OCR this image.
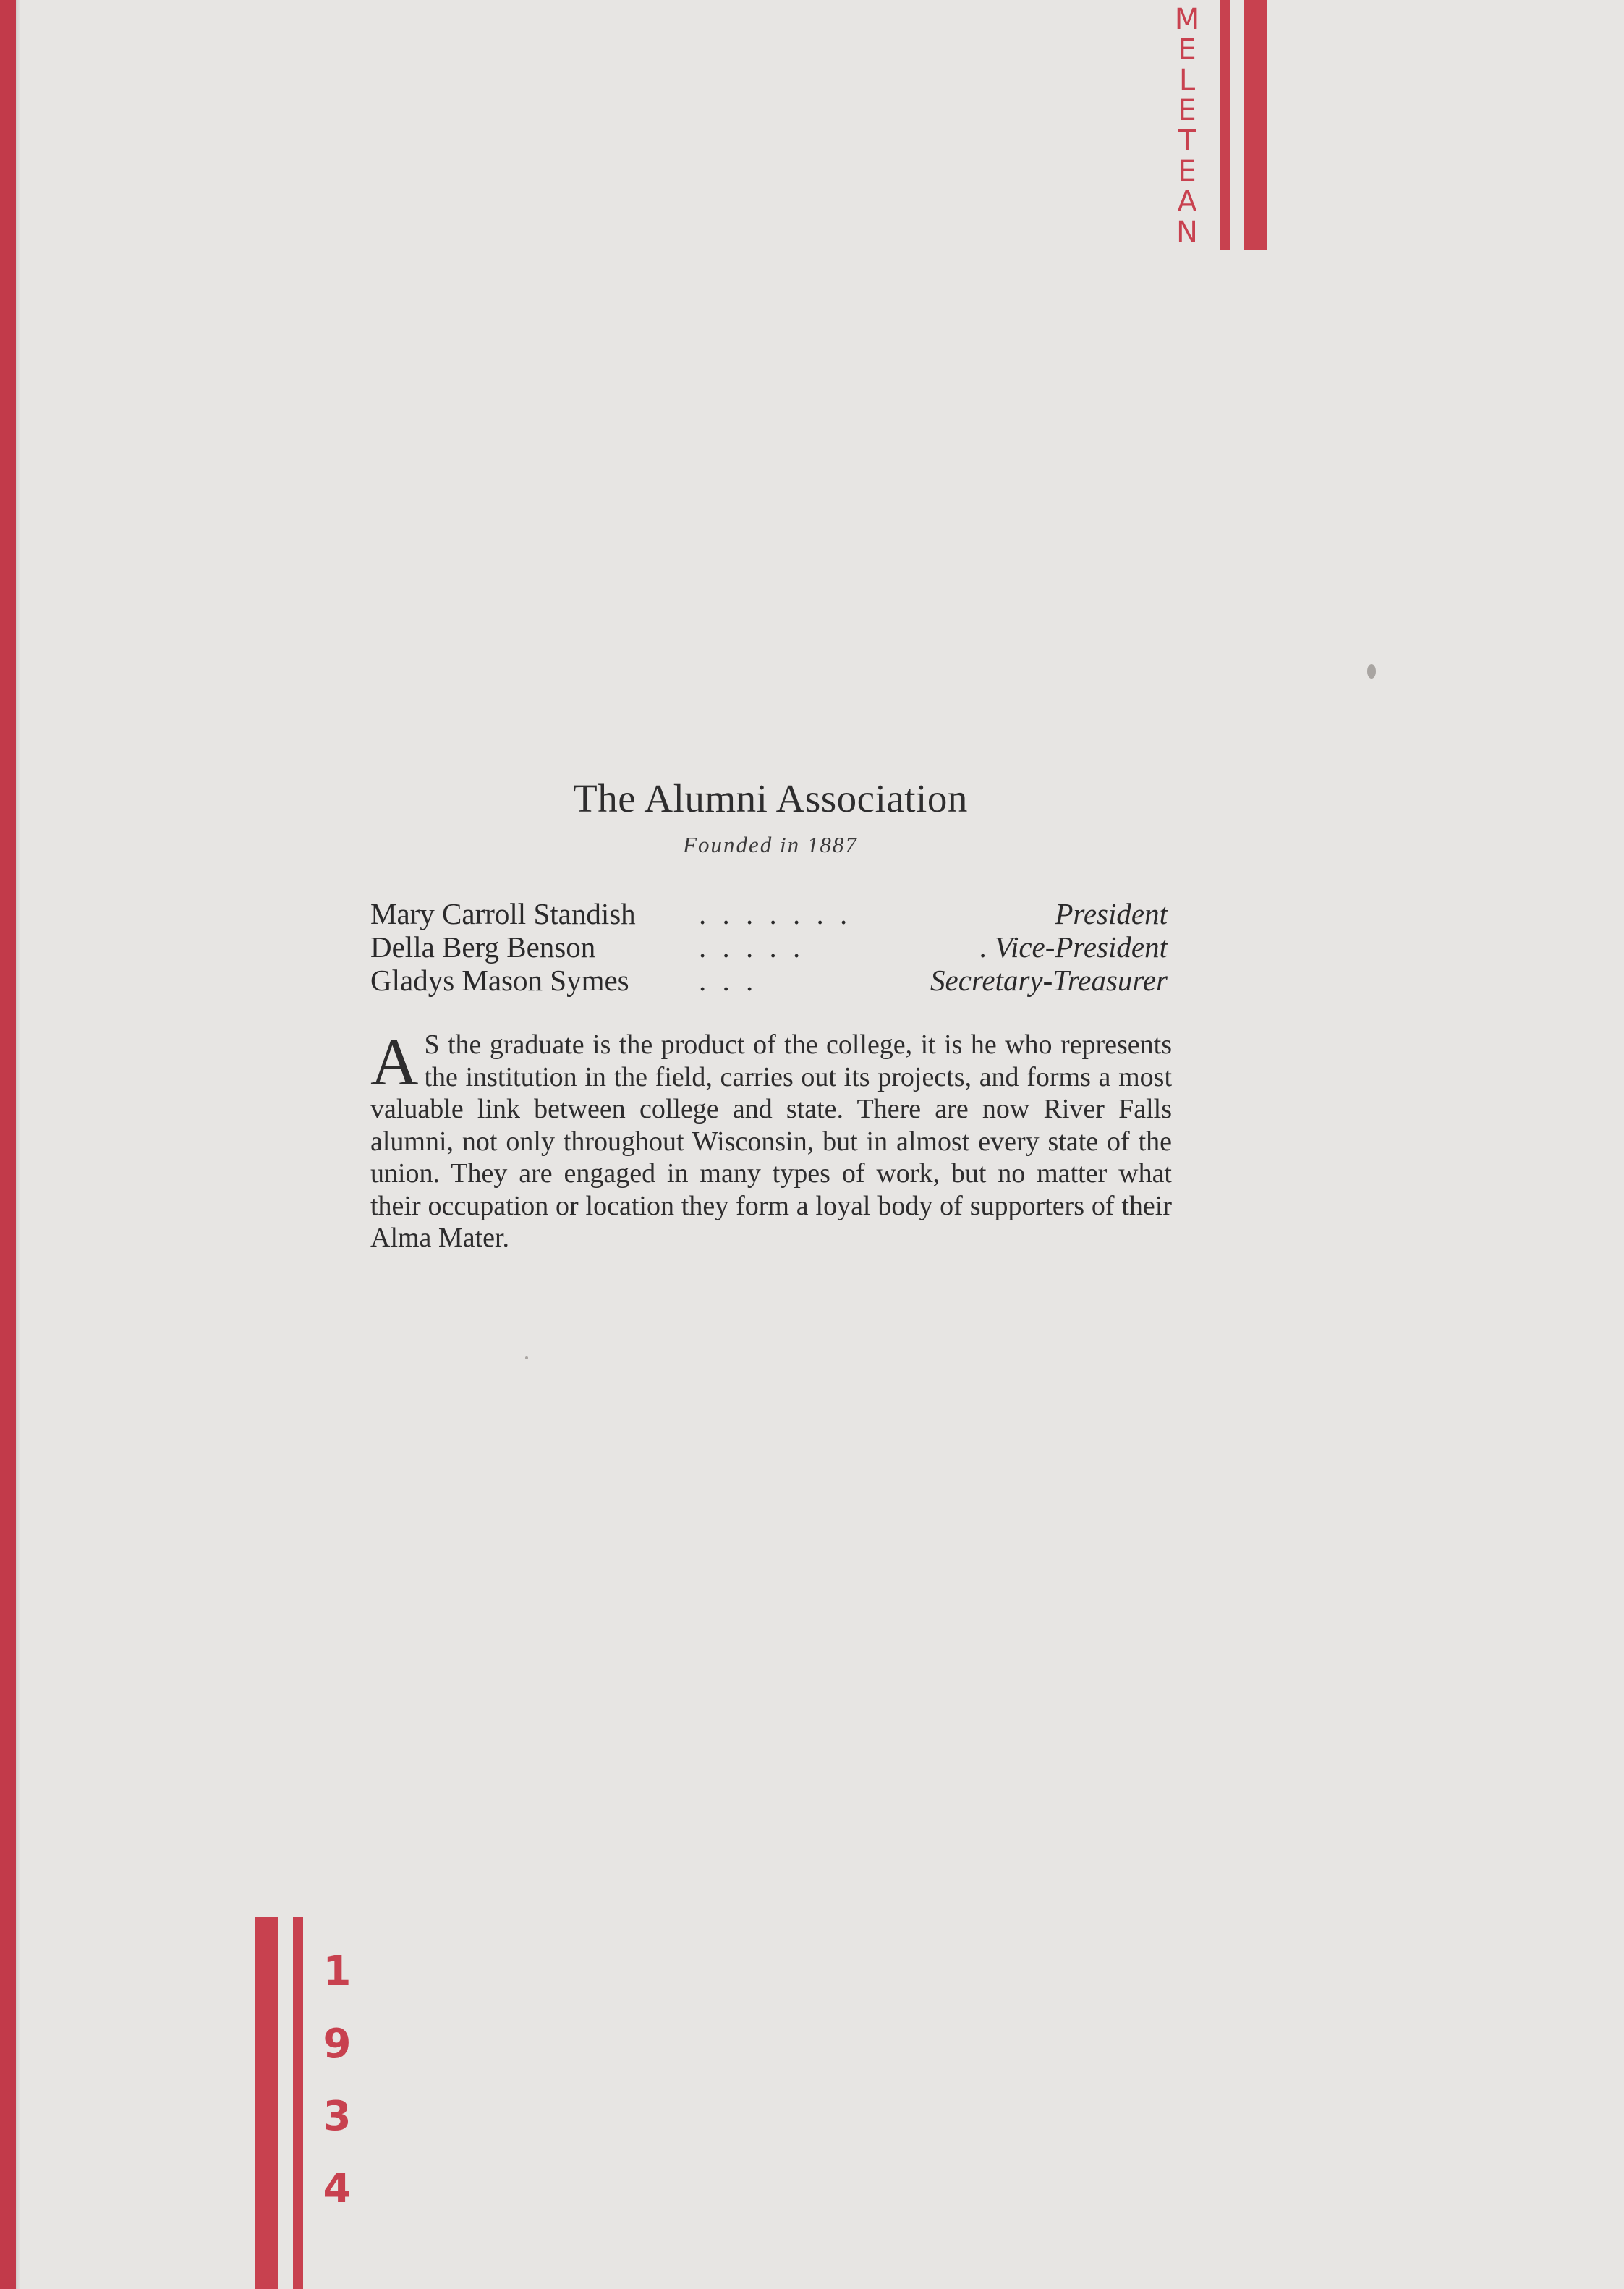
M
E
L
E
T
E
A
N
The Alumni Association
Founded in 1887
Mary Carroll Standish . . . . . . .	President
Della Berg Benson	. . . . .	. Vice-President
Gladys Mason Symes . . .	Secretary-Treasurer
A S the graduate is the product of the college, it is he who represents the institution in the field, carries out its projects, and forms a most valuable link between college and state. There are now River Falls alumni, not only throughout Wisconsin, but in almost every state of the union. They are engaged in many types of work, but no matter what their occupation or location they form a loyal body of supporters of their Alma Mater.
1
9
3
4
